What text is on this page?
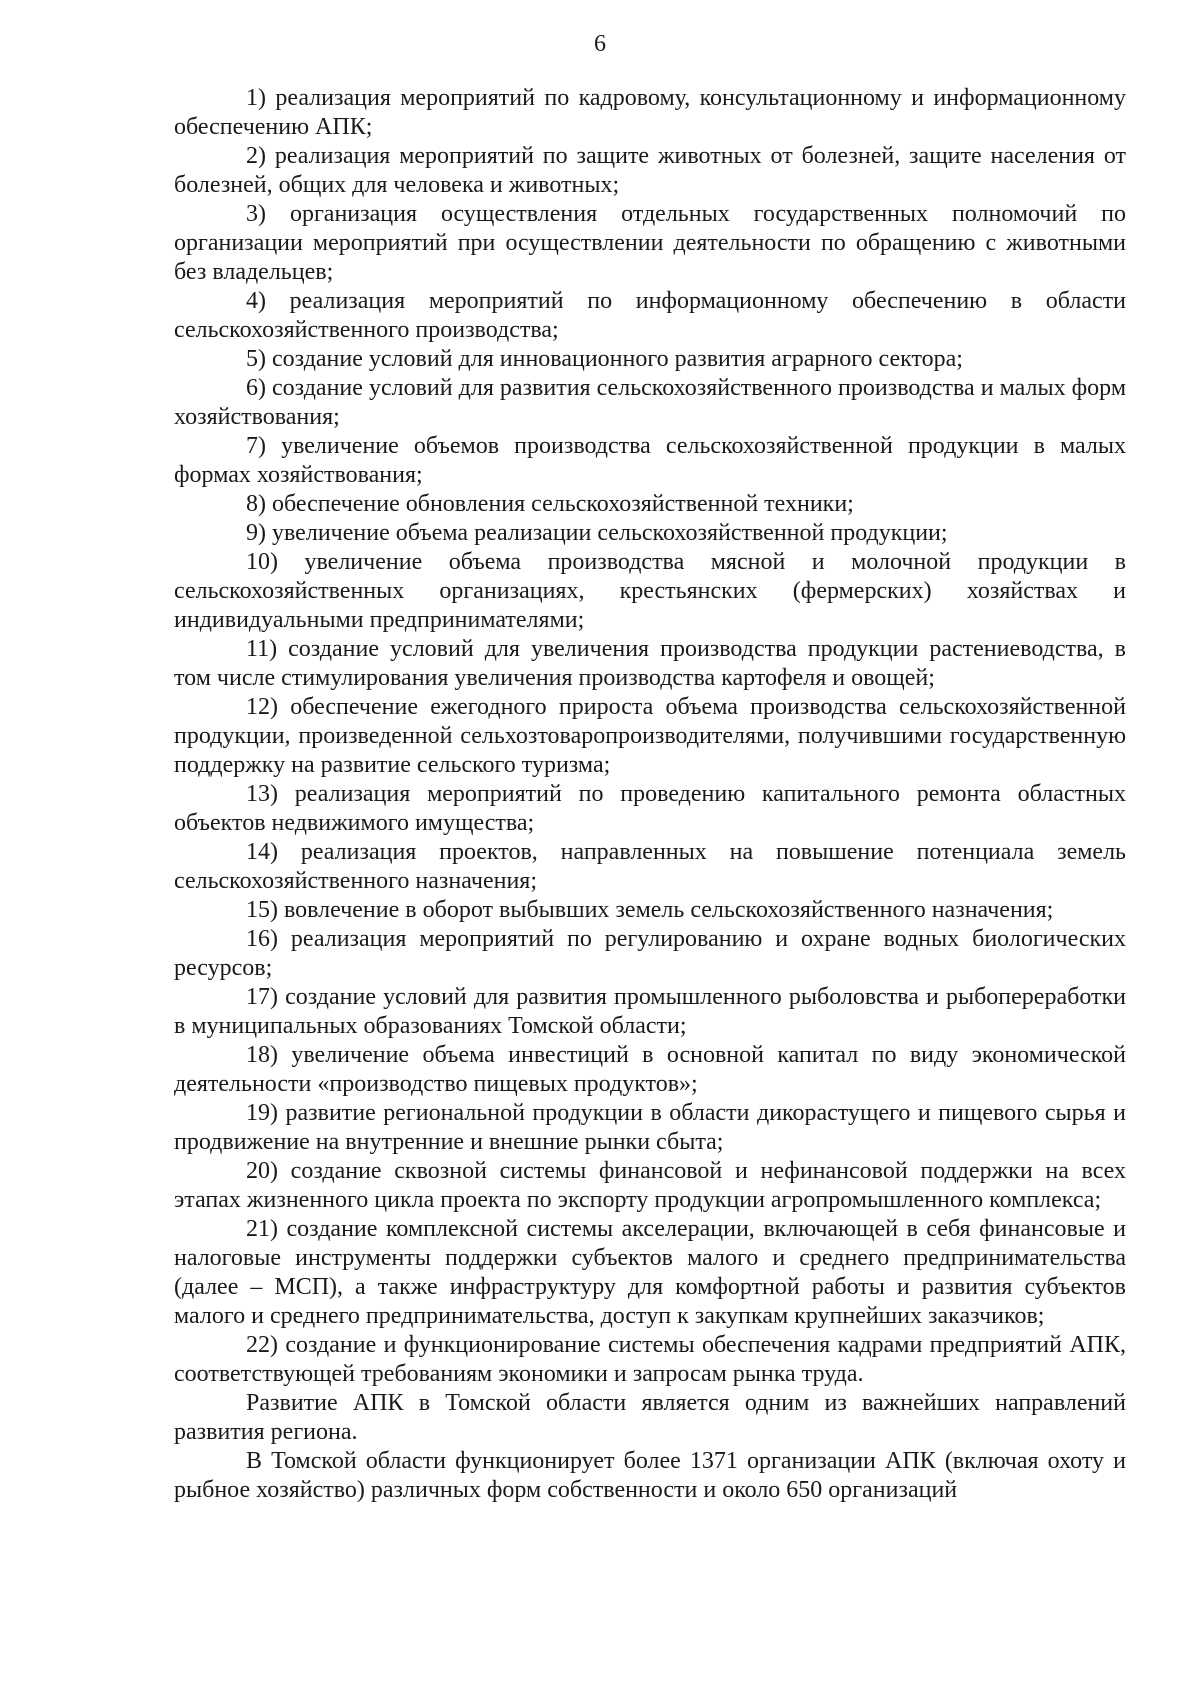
6

1) реализация мероприятий по кадровому, консультационному и информационному обеспечению АПК;

2) реализация мероприятий по защите животных от болезней, защите населения от болезней, общих для человека и животных;

3) организация осуществления отдельных государственных полномочий по организации мероприятий при осуществлении деятельности по обращению с животными без владельцев;

4) реализация мероприятий по информационному обеспечению в области сельскохозяйственного производства;

5) создание условий для инновационного развития аграрного сектора;

6) создание условий для развития сельскохозяйственного производства и малых форм хозяйствования;

7) увеличение объемов производства сельскохозяйственной продукции в малых формах хозяйствования;

8) обеспечение обновления сельскохозяйственной техники;

9) увеличение объема реализации сельскохозяйственной продукции;

10) увеличение объема производства мясной и молочной продукции в сельскохозяйственных организациях, крестьянских (фермерских) хозяйствах и индивидуальными предпринимателями;

11) создание условий для увеличения производства продукции растениеводства, в том числе стимулирования увеличения производства картофеля и овощей;

12) обеспечение ежегодного прироста объема производства сельскохозяйственной продукции, произведенной сельхозтоваропроизводителями, получившими государственную поддержку на развитие сельского туризма;

13) реализация мероприятий по проведению капитального ремонта областных объектов недвижимого имущества;

14) реализация проектов, направленных на повышение потенциала земель сельскохозяйственного назначения;

15) вовлечение в оборот выбывших земель сельскохозяйственного назначения;

16) реализация мероприятий по регулированию и охране водных биологических ресурсов;

17) создание условий для развития промышленного рыболовства и рыбопереработки в муниципальных образованиях Томской области;

18) увеличение объема инвестиций в основной капитал по виду экономической деятельности «производство пищевых продуктов»;

19) развитие региональной продукции в области дикорастущего и пищевого сырья и продвижение на внутренние и внешние рынки сбыта;

20) создание сквозной системы финансовой и нефинансовой поддержки на всех этапах жизненного цикла проекта по экспорту продукции агропромышленного комплекса;

21) создание комплексной системы акселерации, включающей в себя финансовые и налоговые инструменты поддержки субъектов малого и среднего предпринимательства (далее – МСП), а также инфраструктуру для комфортной работы и развития субъектов малого и среднего предпринимательства, доступ к закупкам крупнейших заказчиков;

22) создание и функционирование системы обеспечения кадрами предприятий АПК, соответствующей требованиям экономики и запросам рынка труда.

Развитие АПК в Томской области является одним из важнейших направлений развития региона.

В Томской области функционирует более 1371 организации АПК (включая охоту и рыбное хозяйство) различных форм собственности и около 650 организаций
